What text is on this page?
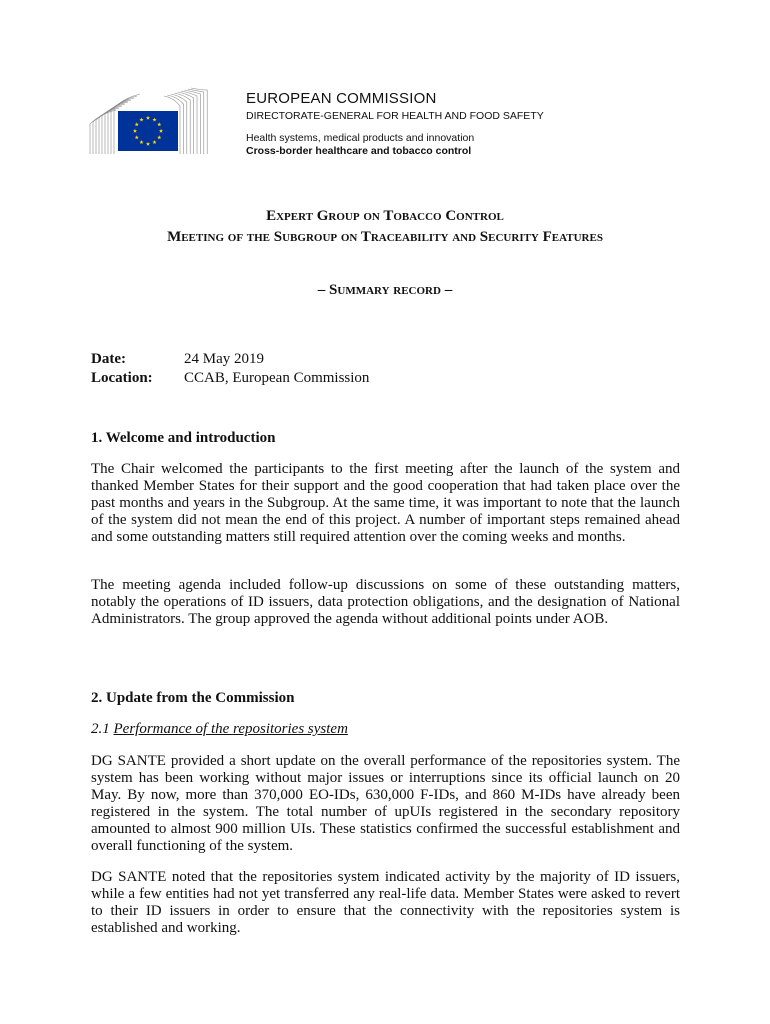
EUROPEAN COMMISSION
DIRECTORATE-GENERAL FOR HEALTH AND FOOD SAFETY
Health systems, medical products and innovation
Cross-border healthcare and tobacco control
Expert Group on Tobacco Control
Meeting of the Subgroup on Traceability and Security Features
– Summary record –
Date:	24 May 2019
Location:	CCAB, European Commission
1. Welcome and introduction
The Chair welcomed the participants to the first meeting after the launch of the system and thanked Member States for their support and the good cooperation that had taken place over the past months and years in the Subgroup. At the same time, it was important to note that the launch of the system did not mean the end of this project. A number of important steps remained ahead and some outstanding matters still required attention over the coming weeks and months.
The meeting agenda included follow-up discussions on some of these outstanding matters, notably the operations of ID issuers, data protection obligations, and the designation of National Administrators. The group approved the agenda without additional points under AOB.
2. Update from the Commission
2.1 Performance of the repositories system
DG SANTE provided a short update on the overall performance of the repositories system. The system has been working without major issues or interruptions since its official launch on 20 May. By now, more than 370,000 EO-IDs, 630,000 F-IDs, and 860 M-IDs have already been registered in the system. The total number of upUIs registered in the secondary repository amounted to almost 900 million UIs. These statistics confirmed the successful establishment and overall functioning of the system.
DG SANTE noted that the repositories system indicated activity by the majority of ID issuers, while a few entities had not yet transferred any real-life data. Member States were asked to revert to their ID issuers in order to ensure that the connectivity with the repositories system is established and working.
